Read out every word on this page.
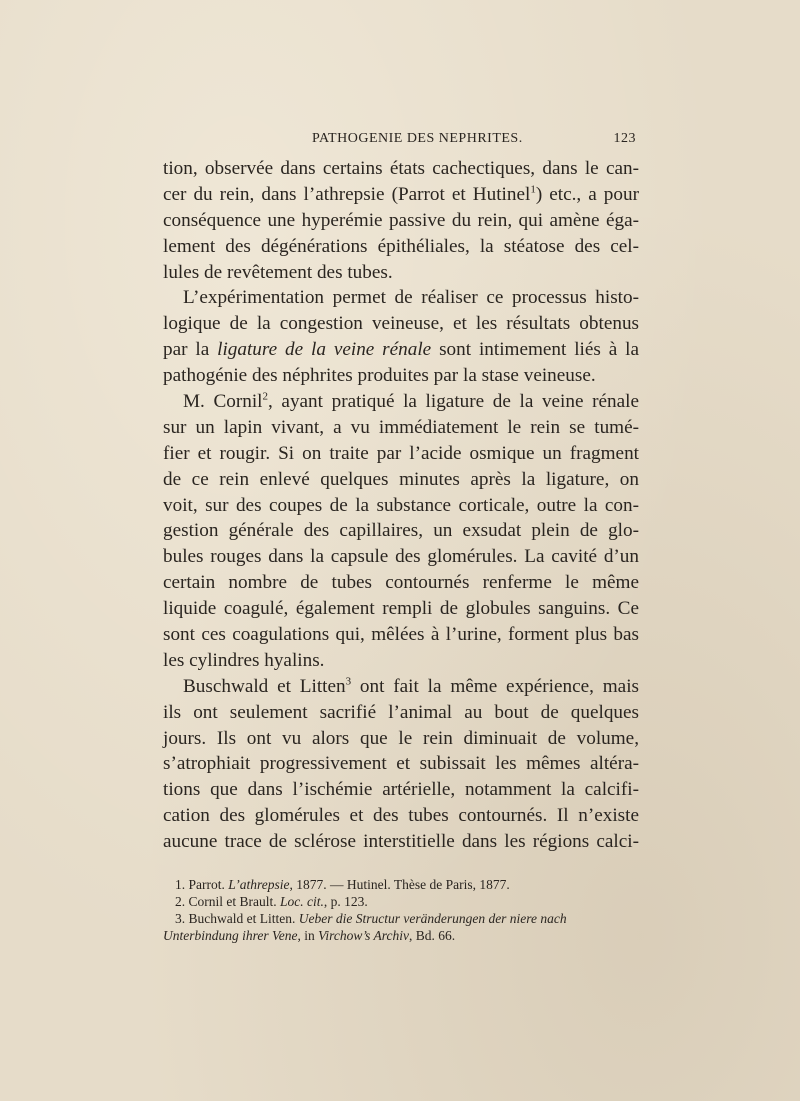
PATHOGENIE DES NEPHRITES.	123
tion, observée dans certains états cachectiques, dans le can-
cer du rein, dans l’athrepsie (Parrot et Hutinel$^1$) etc., a pour
conséquence une hyperémie passive du rein, qui amène éga-
lement des dégénérations épithéliales, la stéatose des cel-
lules de revêtement des tubes.
L’expérimentation permet de réaliser ce processus histo-
logique de la congestion veineuse, et les résultats obtenus
par la ligature de la veine rénale sont intimement liés à la
pathogénie des néphrites produites par la stase veineuse.
M. Cornil$^2$, ayant pratiqué la ligature de la veine rénale
sur un lapin vivant, a vu immédiatement le rein se tumé-
fier et rougir. Si on traite par l’acide osmique un fragment
de ce rein enlevé quelques minutes après la ligature, on
voit, sur des coupes de la substance corticale, outre la con-
gestion générale des capillaires, un exsudat plein de glo-
bules rouges dans la capsule des glomérules. La cavité d’un
certain nombre de tubes contournés renferme le même
liquide coagulé, également rempli de globules sanguins. Ce
sont ces coagulations qui, mêlées à l’urine, forment plus bas
les cylindres hyalins.
Buschwald et Litten$^3$ ont fait la même expérience, mais
ils ont seulement sacrifié l’animal au bout de quelques
jours. Ils ont vu alors que le rein diminuait de volume,
s’atrophiait progressivement et subissait les mêmes altéra-
tions que dans l’ischémie artérielle, notamment la calcifi-
cation des glomérules et des tubes contournés. Il n’existe
aucune trace de sclérose interstitielle dans les régions calci-
1. Parrot. L’athrepsie, 1877. — Hutinel. Thèse de Paris, 1877.
2. Cornil et Brault. Loc. cit., p. 123.
3. Buchwald et Litten. Ueber die Structur veränderungen der niere nach
Unterbindung ihrer Vene, in Virchow’s Archiv, Bd. 66.
